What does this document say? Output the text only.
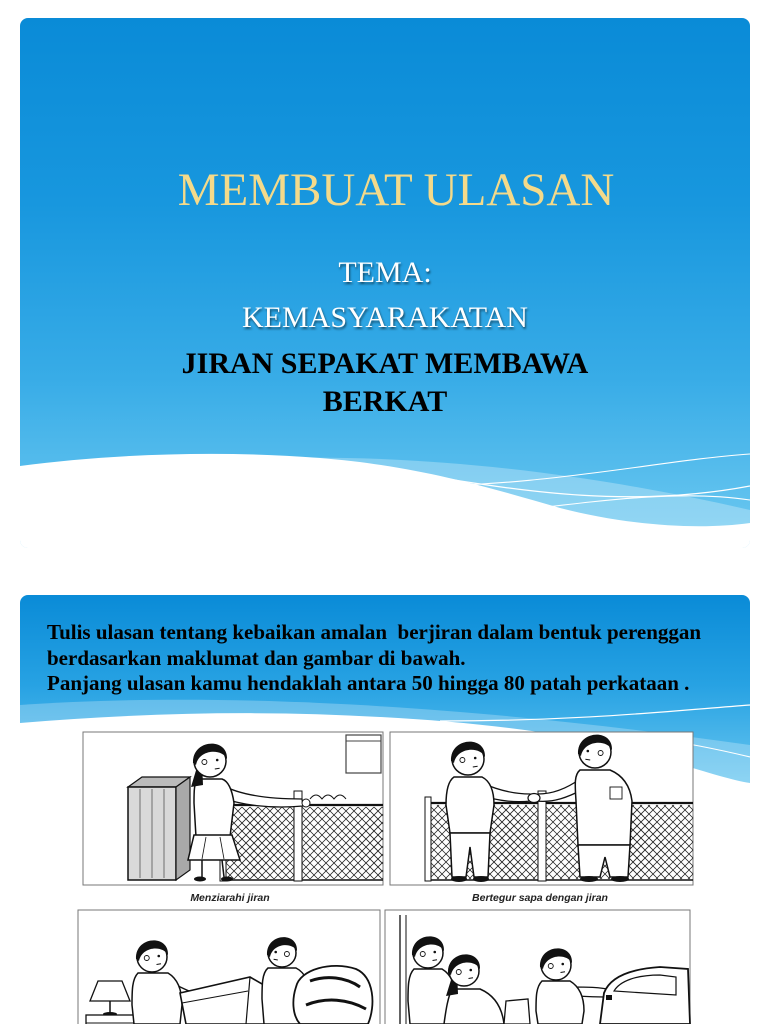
MEMBUAT ULASAN
TEMA:
KEMASYARAKATAN
JIRAN SEPAKAT MEMBAWA
BERKAT
Tulis ulasan tentang kebaikan amalan  berjiran dalam bentuk perenggan
berdasarkan maklumat dan gambar di bawah.
Panjang ulasan kamu hendaklah antara 50 hingga 80 patah perkataan .
Menziarahi jiran	Bertegur sapa dengan jiran
